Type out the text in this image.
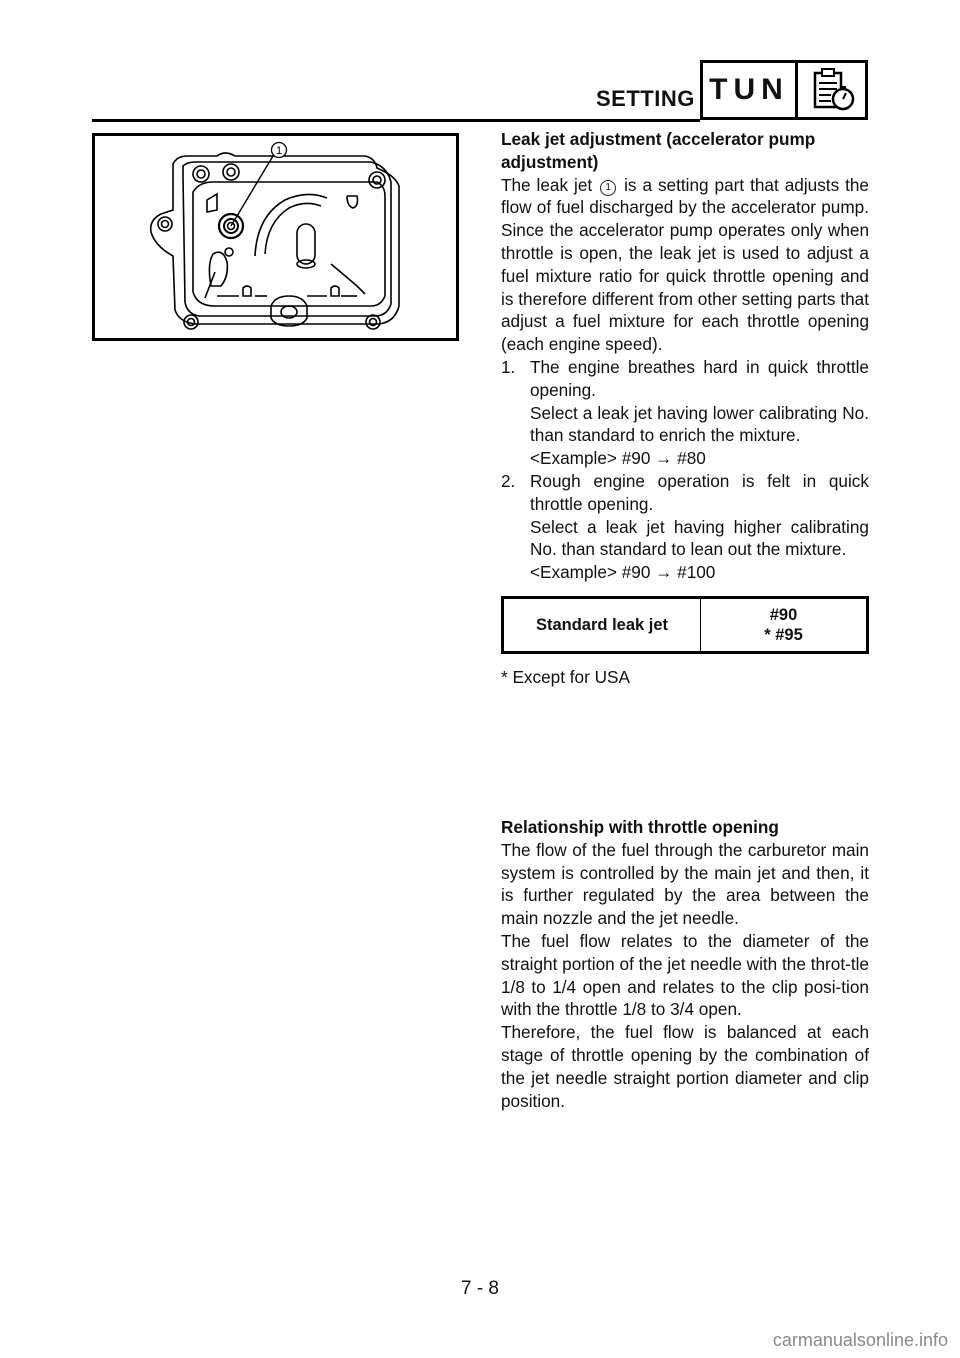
SETTING TUN
1

Leak jet adjustment (accelerator pump

adjustment)

The leak jet 1 is a setting part that adjusts the flow of fuel discharged by the accelerator pump. Since the accelerator pump operates only when throttle is open, the leak jet is used to adjust a fuel mixture ratio for quick throttle opening and is therefore different from other setting parts that adjust a fuel mixture for each throttle opening (each engine speed).

1. The engine breathes hard in quick throttle opening.

Select a leak jet having lower calibrating No. than standard to enrich the mixture.

<Example> #90 → #80

2. Rough engine operation is felt in quick throttle opening.

Select a leak jet having higher calibrating No. than standard to lean out the mixture.

<Example> #90 → #100

Standard leak jet	#90
* #95

* Except for USA

Relationship with throttle opening

The flow of the fuel through the carburetor main system is controlled by the main jet and then, it is further regulated by the area between the main nozzle and the jet needle.

The fuel flow relates to the diameter of the straight portion of the jet needle with the throt-tle 1/8 to 1/4 open and relates to the clip posi-tion with the throttle 1/8 to 3/4 open.

Therefore, the fuel flow is balanced at each stage of throttle opening by the combination of the jet needle straight portion diameter and clip position.

7 - 8
carmanualsonline.info
